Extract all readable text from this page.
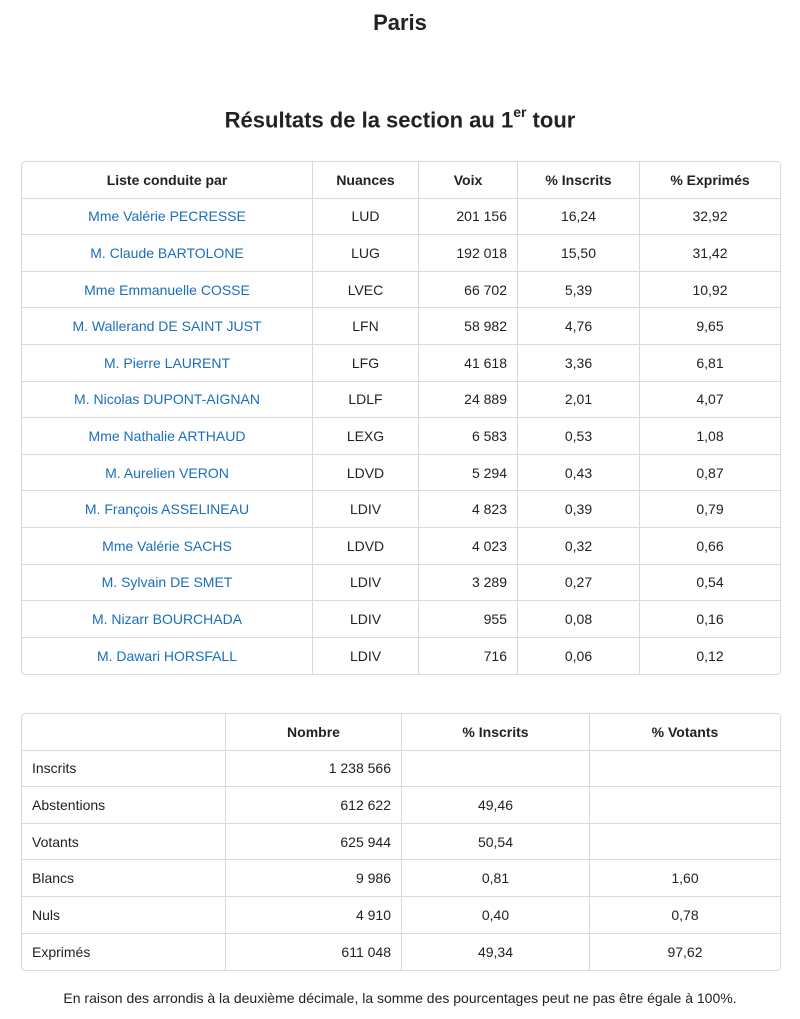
Paris
Résultats de la section au 1er tour
Liste conduite par	Nuances	Voix	% Inscrits	% Exprimés
Mme Valérie PECRESSE	LUD	201 156	16,24	32,92
M. Claude BARTOLONE	LUG	192 018	15,50	31,42
Mme Emmanuelle COSSE	LVEC	66 702	5,39	10,92
M. Wallerand DE SAINT JUST	LFN	58 982	4,76	9,65
M. Pierre LAURENT	LFG	41 618	3,36	6,81
M. Nicolas DUPONT-AIGNAN	LDLF	24 889	2,01	4,07
Mme Nathalie ARTHAUD	LEXG	6 583	0,53	1,08
M. Aurelien VERON	LDVD	5 294	0,43	0,87
M. François ASSELINEAU	LDIV	4 823	0,39	0,79
Mme Valérie SACHS	LDVD	4 023	0,32	0,66
M. Sylvain DE SMET	LDIV	3 289	0,27	0,54
M. Nizarr BOURCHADA	LDIV	955	0,08	0,16
M. Dawari HORSFALL	LDIV	716	0,06	0,12
	Nombre	% Inscrits	% Votants
Inscrits	1 238 566		
Abstentions	612 622	49,46	
Votants	625 944	50,54	
Blancs	9 986	0,81	1,60
Nuls	4 910	0,40	0,78
Exprimés	611 048	49,34	97,62

En raison des arrondis à la deuxième décimale, la somme des pourcentages peut ne pas être égale à 100%.
